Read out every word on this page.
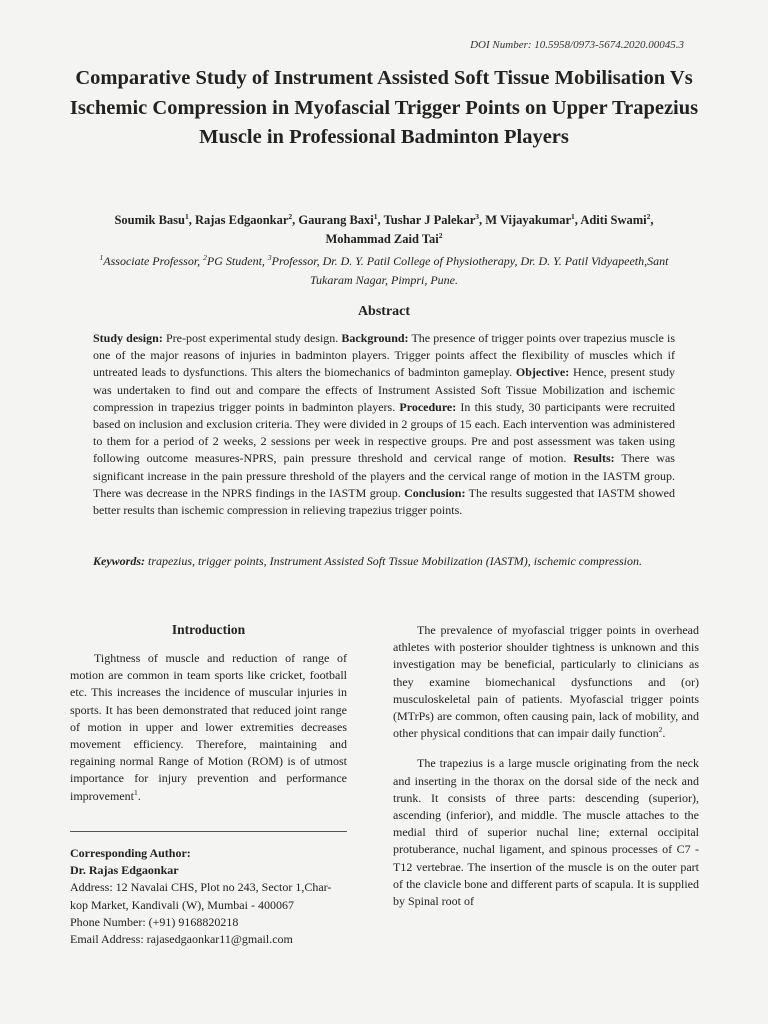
DOI Number: 10.5958/0973-5674.2020.00045.3
Comparative Study of Instrument Assisted Soft Tissue Mobilisation Vs Ischemic Compression in Myofascial Trigger Points on Upper Trapezius Muscle in Professional Badminton Players
Soumik Basu$^1$, Rajas Edgaonkar$^2$, Gaurang Baxi$^1$, Tushar J Palekar$^3$, M Vijayakumar$^1$, Aditi Swami$^2$,
Mohammad Zaid Tai$^2$
$^1$Associate Professor, $^2$PG Student, $^3$Professor, Dr. D. Y. Patil College of Physiotherapy, Dr. D. Y. Patil Vidyapeeth,Sant Tukaram Nagar, Pimpri, Pune.
Abstract

Study design: Pre-post experimental study design. Background: The presence of trigger points over trapezius muscle is one of the major reasons of injuries in badminton players. Trigger points affect the flexibility of muscles which if untreated leads to dysfunctions. This alters the biomechanics of badminton gameplay. Objective: Hence, present study was undertaken to find out and compare the effects of Instrument Assisted Soft Tissue Mobilization and ischemic compression in trapezius trigger points in badminton players. Procedure: In this study, 30 participants were recruited based on inclusion and exclusion criteria. They were divided in 2 groups of 15 each. Each intervention was administered to them for a period of 2 weeks, 2 sessions per week in respective groups. Pre and post assessment was taken using following outcome measures-NPRS, pain pressure threshold and cervical range of motion. Results: There was significant increase in the pain pressure threshold of the players and the cervical range of motion in the IASTM group. There was decrease in the NPRS findings in the IASTM group. Conclusion: The results suggested that IASTM showed better results than ischemic compression in relieving trapezius trigger points.

Keywords: trapezius, trigger points, Instrument Assisted Soft Tissue Mobilization (IASTM), ischemic compression.

Introduction

Tightness of muscle and reduction of range of motion are common in team sports like cricket, football etc. This increases the incidence of muscular injuries in sports. It has been demonstrated that reduced joint range of motion in upper and lower extremities decreases movement efficiency. Therefore, maintaining and regaining normal Range of Motion (ROM) is of utmost importance for injury prevention and performance improvement$^1$.

The prevalence of myofascial trigger points in overhead athletes with posterior shoulder tightness is unknown and this investigation may be beneficial, particularly to clinicians as they examine biomechanical dysfunctions and (or) musculoskeletal pain of patients. Myofascial trigger points (MTrPs) are common, often causing pain, lack of mobility, and other physical conditions that can impair daily function$^2$.

The trapezius is a large muscle originating from the neck and inserting in the thorax on the dorsal side of the neck and trunk. It consists of three parts: descending (superior), ascending (inferior), and middle. The muscle attaches to the medial third of superior nuchal line; external occipital protuberance, nuchal ligament, and spinous processes of C7 - T12 vertebrae. The insertion of the muscle is on the outer part of the clavicle bone and different parts of scapula. It is supplied by Spinal root of

Corresponding Author:
Dr. Rajas Edgaonkar
Address: 12 Navalai CHS, Plot no 243, Sector 1,Char-
kop Market, Kandivali (W), Mumbai - 400067
Phone Number: (+91) 9168820218
Email Address: rajasedgaonkar11@gmail.com
